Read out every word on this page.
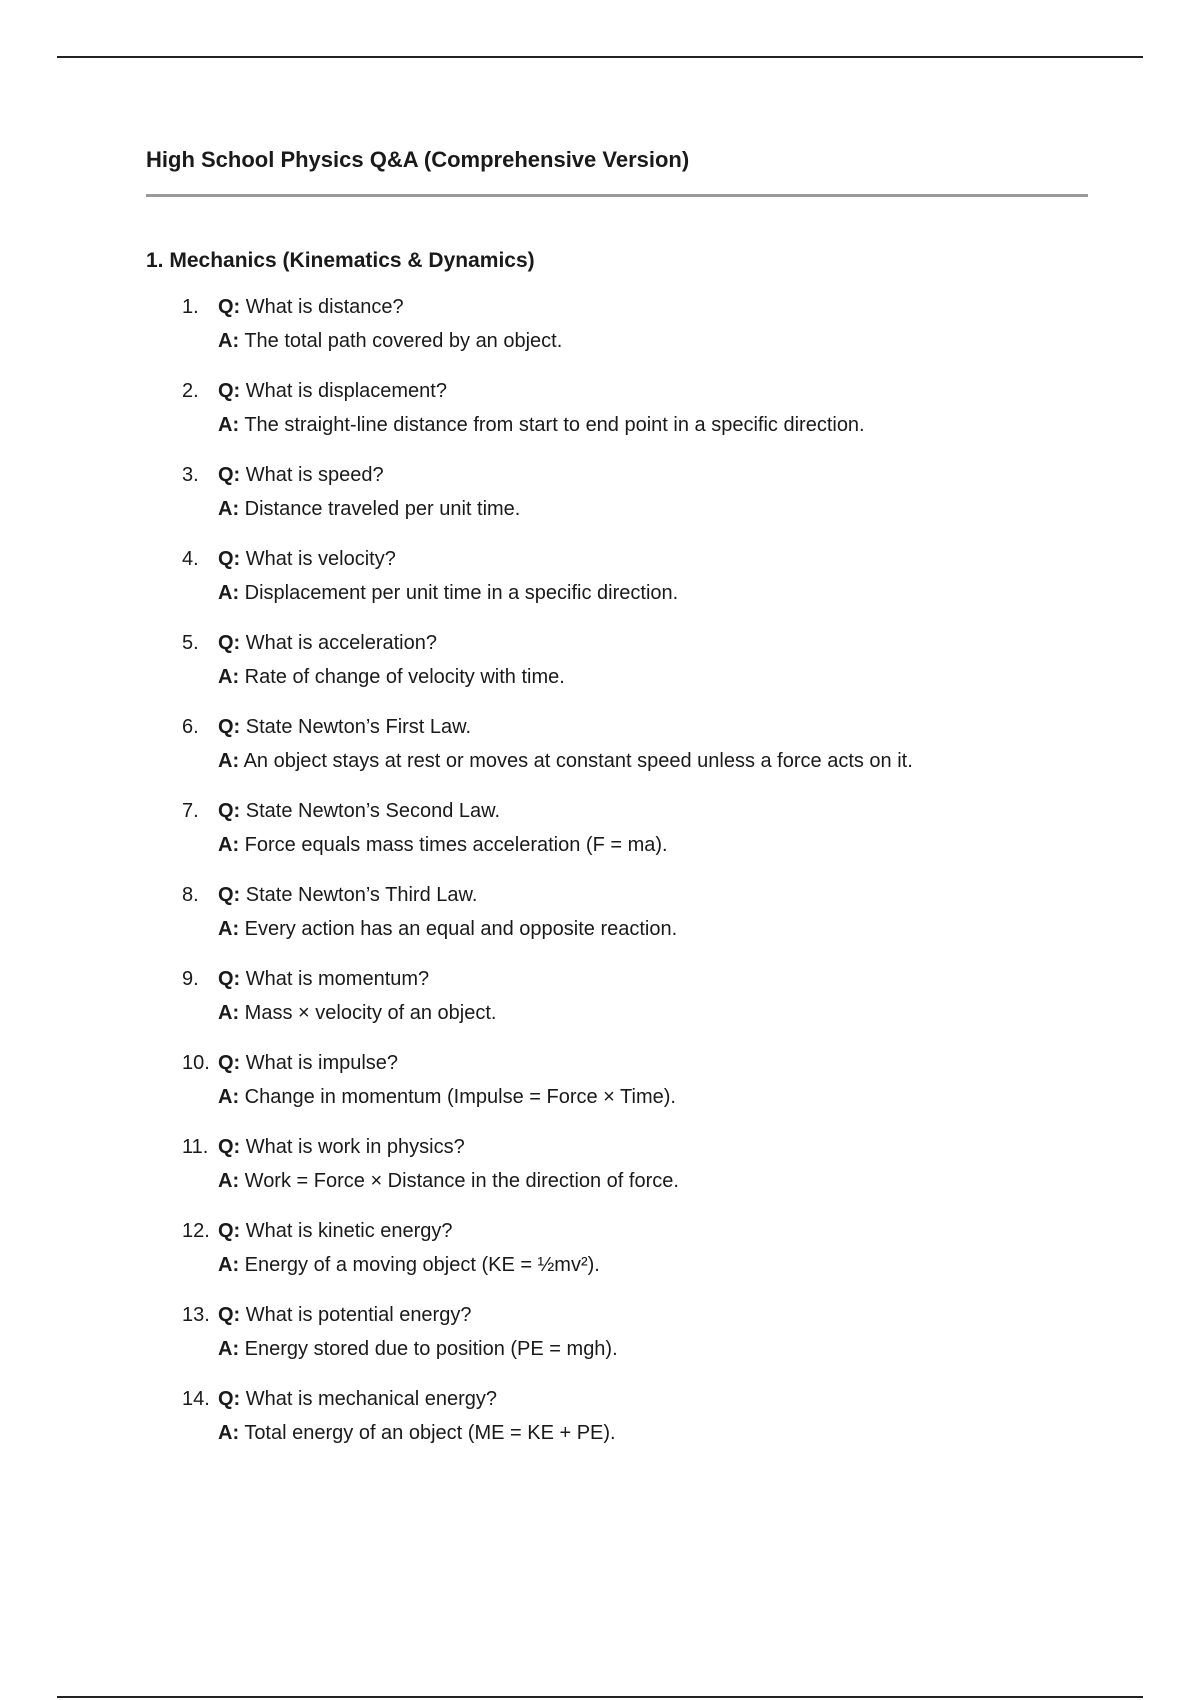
High School Physics Q&A (Comprehensive Version)
1. Mechanics (Kinematics & Dynamics)
1. Q: What is distance?
A: The total path covered by an object.
2. Q: What is displacement?
A: The straight-line distance from start to end point in a specific direction.
3. Q: What is speed?
A: Distance traveled per unit time.
4. Q: What is velocity?
A: Displacement per unit time in a specific direction.
5. Q: What is acceleration?
A: Rate of change of velocity with time.
6. Q: State Newton’s First Law.
A: An object stays at rest or moves at constant speed unless a force acts on it.
7. Q: State Newton’s Second Law.
A: Force equals mass times acceleration (F = ma).
8. Q: State Newton’s Third Law.
A: Every action has an equal and opposite reaction.
9. Q: What is momentum?
A: Mass × velocity of an object.
10. Q: What is impulse?
A: Change in momentum (Impulse = Force × Time).
11. Q: What is work in physics?
A: Work = Force × Distance in the direction of force.
12. Q: What is kinetic energy?
A: Energy of a moving object (KE = ½mv²).
13. Q: What is potential energy?
A: Energy stored due to position (PE = mgh).
14. Q: What is mechanical energy?
A: Total energy of an object (ME = KE + PE).
